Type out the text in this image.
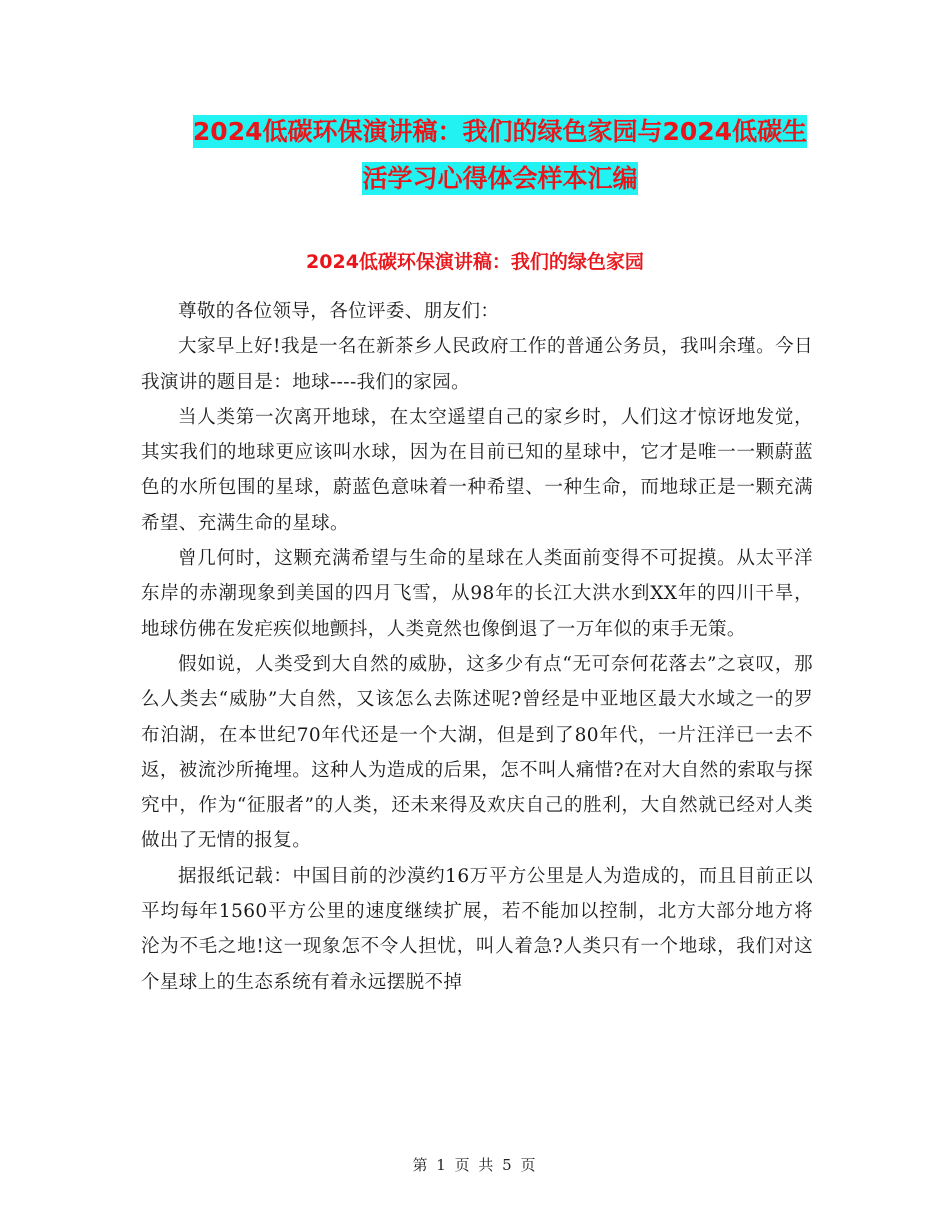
2024低碳环保演讲稿：我们的绿色家园与2024低碳生
活学习心得体会样本汇编
2024低碳环保演讲稿：我们的绿色家园

尊敬的各位领导，各位评委、朋友们：

大家早上好!我是一名在新茶乡人民政府工作的普通公务员，我叫余瑾。今日我演讲的题目是：地球----我们的家园。

当人类第一次离开地球，在太空遥望自己的家乡时，人们这才惊讶地发觉，其实我们的地球更应该叫水球，因为在目前已知的星球中，它才是唯一一颗蔚蓝色的水所包围的星球，蔚蓝色意味着一种希望、一种生命，而地球正是一颗充满希望、充满生命的星球。

曾几何时，这颗充满希望与生命的星球在人类面前变得不可捉摸。从太平洋东岸的赤潮现象到美国的四月飞雪，从98年的长江大洪水到XX年的四川干旱，地球仿佛在发疟疾似地颤抖，人类竟然也像倒退了一万年似的束手无策。

假如说，人类受到大自然的威胁，这多少有点“无可奈何花落去”之哀叹，那么人类去“威胁”大自然，又该怎么去陈述呢?曾经是中亚地区最大水域之一的罗布泊湖，在本世纪70年代还是一个大湖，但是到了80年代，一片汪洋已一去不返，被流沙所掩埋。这种人为造成的后果，怎不叫人痛惜?在对大自然的索取与探究中，作为“征服者”的人类，还未来得及欢庆自己的胜利，大自然就已经对人类做出了无情的报复。

据报纸记载：中国目前的沙漠约16万平方公里是人为造成的，而且目前正以平均每年1560平方公里的速度继续扩展，若不能加以控制，北方大部分地方将沦为不毛之地!这一现象怎不令人担忧，叫人着急?人类只有一个地球，我们对这个星球上的生态系统有着永远摆脱不掉

第 1 页 共 5 页
